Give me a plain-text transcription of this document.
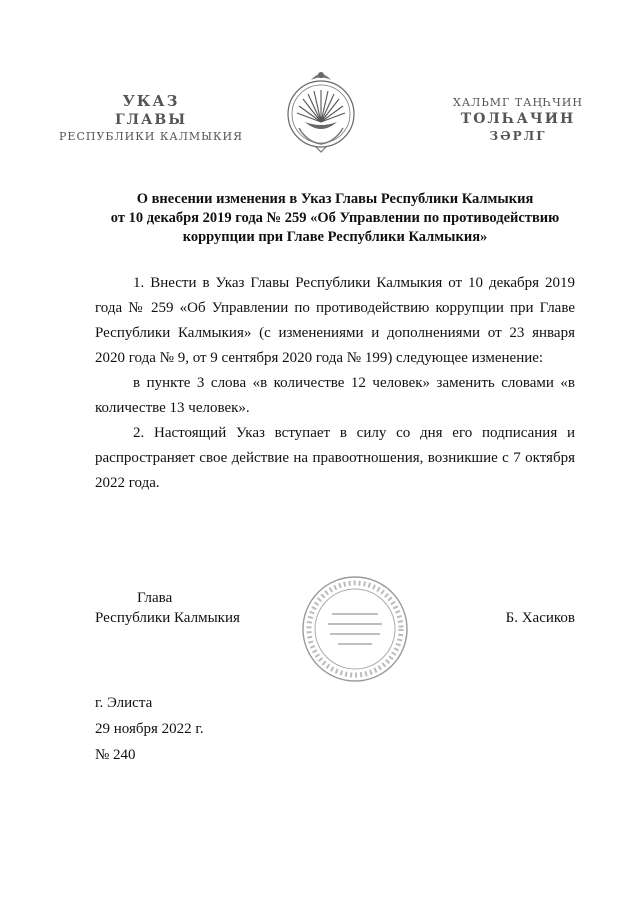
УКАЗ
ГЛАВЫ
РЕСПУБЛИКИ КАЛМЫКИЯ
ХАЛЬМГ ТАҢҺЧИН
ТОЛҺАЧИН
ЗӘРЛГ
О внесении изменения в Указ Главы Республики Калмыкия
от 10 декабря 2019 года № 259 «Об Управлении по противодействию
коррупции при Главе Республики Калмыкия»

1. Внести в Указ Главы Республики Калмыкия от 10 декабря 2019 года № 259 «Об Управлении по противодействию коррупции при Главе Республики Калмыкия» (с изменениями и дополнениями от 23 января 2020 года № 9, от 9 сентября 2020 года № 199) следующее изменение:

в пункте 3 слова «в количестве 12 человек» заменить словами «в количестве 13 человек».

2. Настоящий Указ вступает в силу со дня его подписания и распространяет свое действие на правоотношения, возникшие с 7 октября 2022 года.

Глава
Республики Калмыкия	Б. Хасиков
г. Элиста
29 ноября 2022 г.
№ 240
